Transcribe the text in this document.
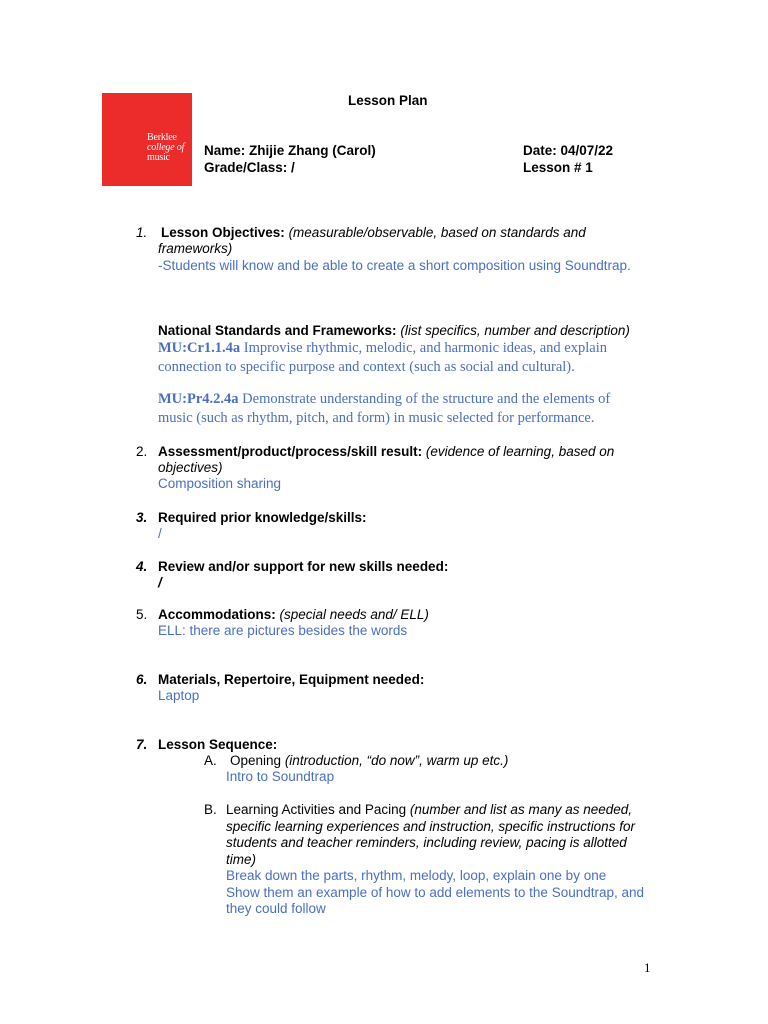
Berklee
college of
music
Lesson Plan
Name: Zhijie Zhang (Carol)
Grade/Class: /
Date: 04/07/22
Lesson # 1
1.	Lesson Objectives: (measurable/observable, based on standards and
frameworks)
-Students will know and be able to create a short composition using Soundtrap.
National Standards and Frameworks: (list specifics, number and description)
MU:Cr1.1.4a Improvise rhythmic, melodic, and harmonic ideas, and explain
connection to specific purpose and context (such as social and cultural).
MU:Pr4.2.4a Demonstrate understanding of the structure and the elements of
music (such as rhythm, pitch, and form) in music selected for performance.
2. Assessment/product/process/skill result: (evidence of learning, based on
objectives)
Composition sharing
3. Required prior knowledge/skills:
/
4. Review and/or support for new skills needed:
/
5. Accommodations: (special needs and/ ELL)
ELL: there are pictures besides the words
6. Materials, Repertoire, Equipment needed:
Laptop
7. Lesson Sequence:
A. Opening (introduction, “do now”, warm up etc.)
Intro to Soundtrap
B. Learning Activities and Pacing (number and list as many as needed,
specific learning experiences and instruction, specific instructions for
students and teacher reminders, including review, pacing is allotted
time)
Break down the parts, rhythm, melody, loop, explain one by one
Show them an example of how to add elements to the Soundtrap, and
they could follow
1
